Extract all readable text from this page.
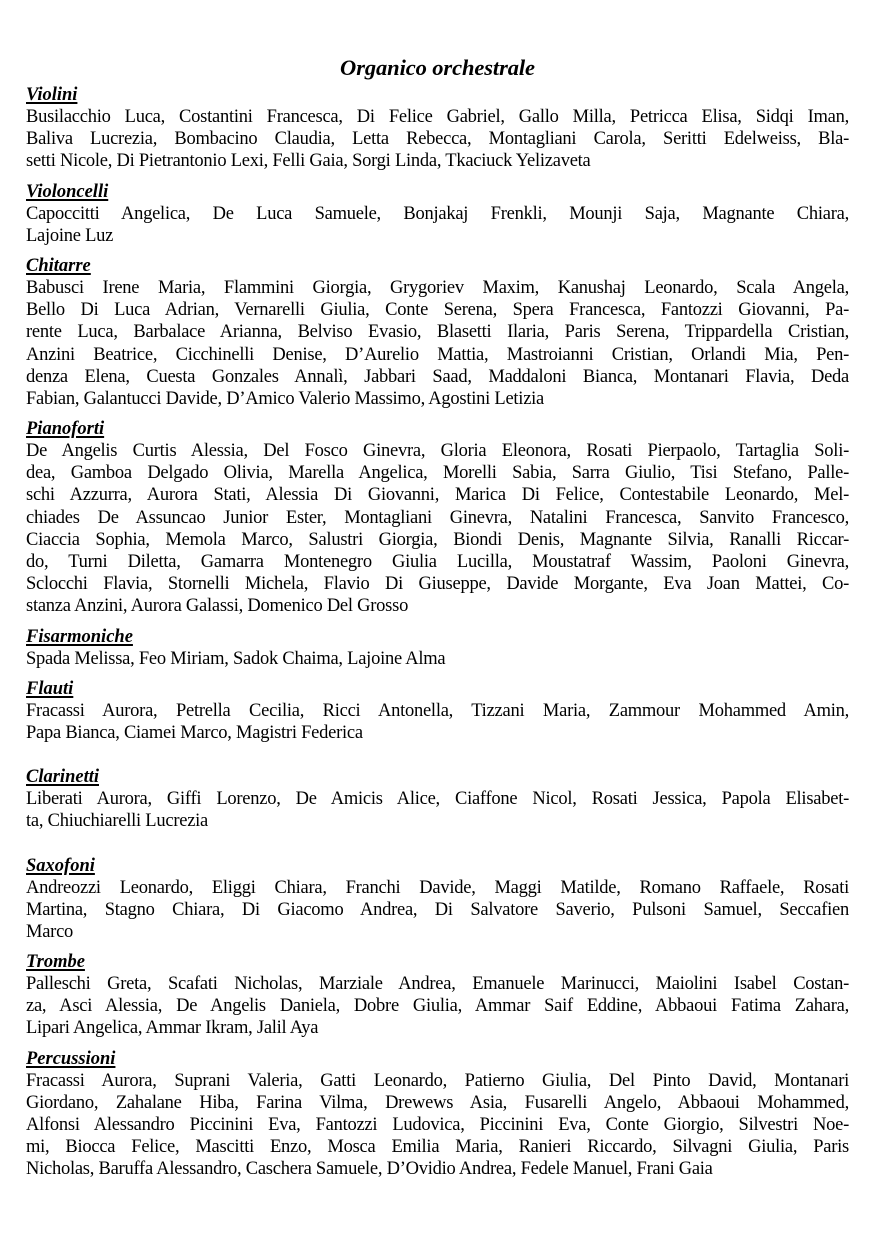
Organico orchestrale
Violini
Busilacchio Luca, Costantini Francesca, Di Felice Gabriel, Gallo Milla, Petricca Elisa, Sidqi Iman,
Baliva Lucrezia, Bombacino Claudia, Letta Rebecca, Montagliani Carola, Seritti Edelweiss, Bla-
setti Nicole, Di Pietrantonio Lexi, Felli Gaia, Sorgi Linda, Tkaciuck Yelizaveta
Violoncelli
Capoccitti Angelica, De Luca Samuele, Bonjakaj Frenkli, Mounji Saja, Magnante Chiara,
Lajoine Luz
Chitarre
Babusci Irene Maria, Flammini Giorgia, Grygoriev Maxim, Kanushaj Leonardo, Scala Angela,
Bello Di Luca Adrian, Vernarelli Giulia, Conte Serena, Spera Francesca, Fantozzi Giovanni, Pa-
rente Luca, Barbalace Arianna, Belviso Evasio, Blasetti Ilaria, Paris Serena, Trippardella Cristian,
Anzini Beatrice, Cicchinelli Denise, D’Aurelio Mattia, Mastroianni Cristian, Orlandi Mia, Pen-
denza Elena, Cuesta Gonzales Annalì, Jabbari Saad, Maddaloni Bianca, Montanari Flavia, Deda
Fabian, Galantucci Davide, D’Amico Valerio Massimo, Agostini Letizia
Pianoforti
De Angelis Curtis Alessia, Del Fosco Ginevra, Gloria Eleonora, Rosati Pierpaolo, Tartaglia Soli-
dea, Gamboa Delgado Olivia, Marella Angelica, Morelli Sabia, Sarra Giulio, Tisi Stefano, Palle-
schi Azzurra, Aurora Stati, Alessia Di Giovanni, Marica Di Felice, Contestabile Leonardo, Mel-
chiades De Assuncao Junior Ester, Montagliani Ginevra, Natalini Francesca, Sanvito Francesco,
Ciaccia Sophia, Memola Marco, Salustri Giorgia, Biondi Denis, Magnante Silvia, Ranalli Riccar-
do, Turni Diletta, Gamarra Montenegro Giulia Lucilla, Moustatraf Wassim, Paoloni Ginevra,
Sclocchi Flavia, Stornelli Michela, Flavio Di Giuseppe, Davide Morgante, Eva Joan Mattei, Co-
stanza Anzini, Aurora Galassi, Domenico Del Grosso
Fisarmoniche
Spada Melissa, Feo Miriam, Sadok Chaima, Lajoine Alma
Flauti
Fracassi Aurora, Petrella Cecilia, Ricci Antonella, Tizzani Maria, Zammour Mohammed Amin,
Papa Bianca, Ciamei Marco, Magistri Federica
Clarinetti
Liberati Aurora, Giffi Lorenzo, De Amicis Alice, Ciaffone Nicol, Rosati Jessica, Papola Elisabet-
ta, Chiuchiarelli Lucrezia
Saxofoni
Andreozzi Leonardo, Eliggi Chiara, Franchi Davide, Maggi Matilde, Romano Raffaele, Rosati
Martina, Stagno Chiara, Di Giacomo Andrea, Di Salvatore Saverio, Pulsoni Samuel, Seccafien
Marco
Trombe
Palleschi Greta, Scafati Nicholas, Marziale Andrea, Emanuele Marinucci, Maiolini Isabel Costan-
za, Asci Alessia, De Angelis Daniela, Dobre Giulia, Ammar Saif Eddine, Abbaoui Fatima Zahara,
Lipari Angelica, Ammar Ikram, Jalil Aya
Percussioni
Fracassi Aurora, Suprani Valeria, Gatti Leonardo, Patierno Giulia, Del Pinto David, Montanari
Giordano, Zahalane Hiba, Farina Vilma, Drewews Asia, Fusarelli Angelo, Abbaoui Mohammed,
Alfonsi Alessandro Piccinini Eva, Fantozzi Ludovica, Piccinini Eva, Conte Giorgio, Silvestri Noe-
mi, Biocca Felice, Mascitti Enzo, Mosca Emilia Maria, Ranieri Riccardo, Silvagni Giulia, Paris
Nicholas, Baruffa Alessandro, Caschera Samuele, D’Ovidio Andrea, Fedele Manuel, Frani Gaia
